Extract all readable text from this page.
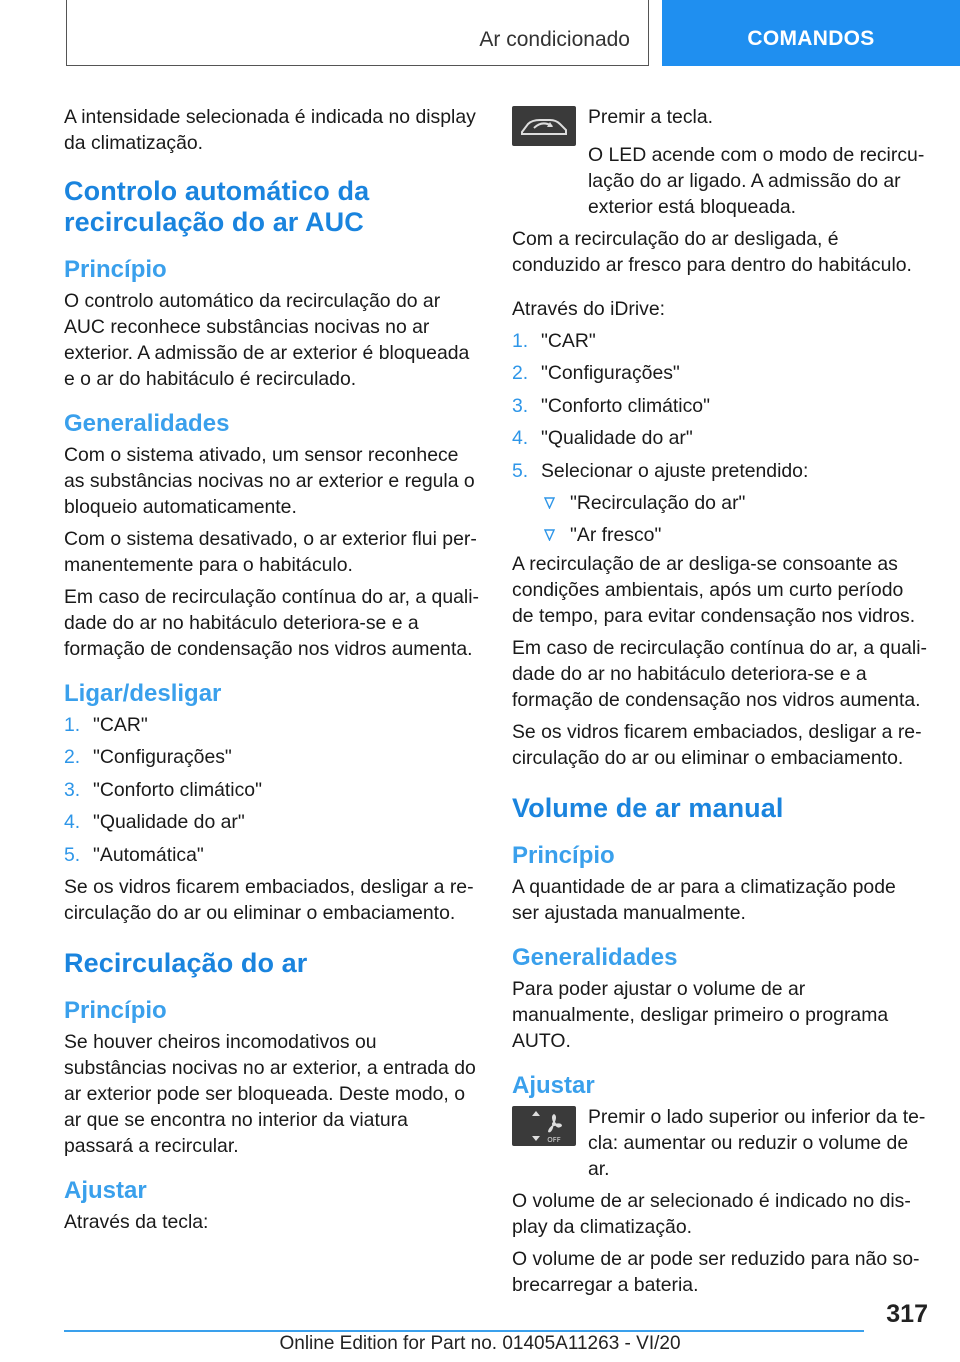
Ar condicionado	COMANDOS

A intensidade selecionada é indicada no display da climatização.

Controlo automático da recirculação do ar AUC
Princípio

O controlo automático da recirculação do ar AUC reconhece substâncias nocivas no ar exterior. A admissão de ar exterior é bloqueada e o ar do habitáculo é recirculado.

Generalidades

Com o sistema ativado, um sensor reconhece as substâncias nocivas no ar exterior e regula o bloqueio automaticamente.

Com o sistema desativado, o ar exterior flui permanentemente para o habitáculo.

Em caso de recirculação contínua do ar, a qualidade do ar no habitáculo deteriora-se e a formação de condensação nos vidros aumenta.

Ligar/desligar
1. "CAR"
2. "Configurações"
3. "Conforto climático"
4. "Qualidade do ar"
5. "Automática"

Se os vidros ficarem embaciados, desligar a recirculação do ar ou eliminar o embaciamento.

Recirculação do ar
Princípio

Se houver cheiros incomodativos ou substâncias nocivas no ar exterior, a entrada do ar exterior pode ser bloqueada. Deste modo, o ar que se encontra no interior da viatura passará a recircular.

Ajustar

Através da tecla:

Premir a tecla.

O LED acende com o modo de recirculação do ar ligado. A admissão do ar exterior está bloqueada.

Com a recirculação do ar desligada, é conduzido ar fresco para dentro do habitáculo.

Através do iDrive:

1. "CAR"
2. "Configurações"
3. "Conforto climático"
4. "Qualidade do ar"
5. Selecionar o ajuste pretendido:
"Recirculação do ar"
"Ar fresco"

A recirculação de ar desliga-se consoante as condições ambientais, após um curto período de tempo, para evitar condensação nos vidros.

Em caso de recirculação contínua do ar, a qualidade do ar no habitáculo deteriora-se e a formação de condensação nos vidros aumenta.

Se os vidros ficarem embaciados, desligar a recirculação do ar ou eliminar o embaciamento.

Volume de ar manual
Princípio

A quantidade de ar para a climatização pode ser ajustada manualmente.

Generalidades

Para poder ajustar o volume de ar manualmente, desligar primeiro o programa AUTO.

Ajustar
OFF

Premir o lado superior ou inferior da tecla: aumentar ou reduzir o volume de ar.

O volume de ar selecionado é indicado no display da climatização.

O volume de ar pode ser reduzido para não sobrecarregar a bateria.

317
Online Edition for Part no. 01405A11263 - VI/20
